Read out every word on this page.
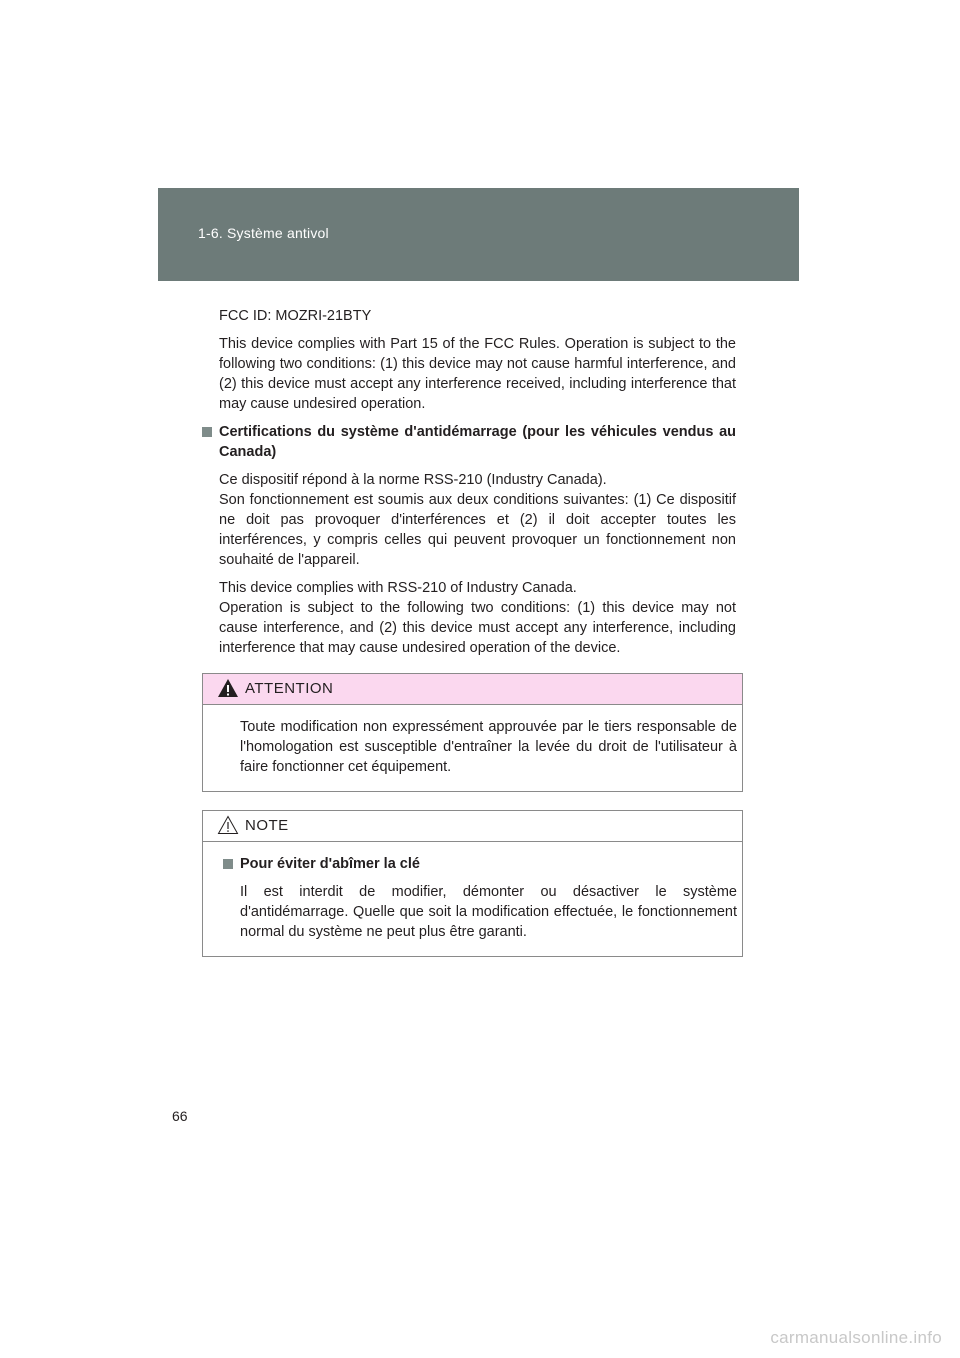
1-6. Système antivol

FCC ID: MOZRI-21BTY

This device complies with Part 15 of the FCC Rules. Operation is subject to the following two conditions: (1) this device may not cause harmful interference, and (2) this device must accept any interference received, including interference that may cause undesired operation.

Certifications du système d'antidémarrage (pour les véhicules vendus au Canada)

Ce dispositif répond à la norme RSS-210 (Industry Canada).

Son fonctionnement est soumis aux deux conditions suivantes: (1) Ce dispositif ne doit pas provoquer d'interférences et (2) il doit accepter toutes les interférences, y compris celles qui peuvent provoquer un fonctionnement non souhaité de l'appareil.

This device complies with RSS-210 of Industry Canada.

Operation is subject to the following two conditions: (1) this device may not cause interference, and (2) this device must accept any interference, including interference that may cause undesired operation of the device.

ATTENTION

Toute modification non expressément approuvée par le tiers responsable de l'homologation est susceptible d'entraîner la levée du droit de l'utilisateur à faire fonctionner cet équipement.

NOTE
Pour éviter d'abîmer la clé

Il est interdit de modifier, démonter ou désactiver le système d'antidémarrage. Quelle que soit la modification effectuée, le fonctionnement normal du système ne peut plus être garanti.

66
carmanualsonline.info
